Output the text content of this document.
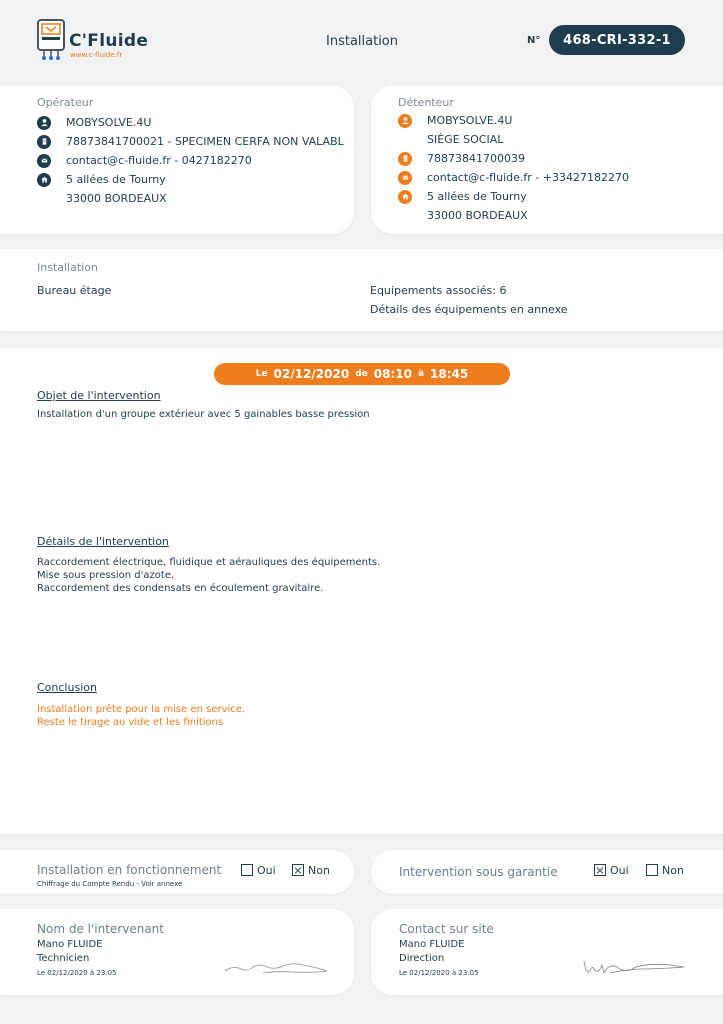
C'Fluide
www.c-fluide.fr
Installation	N° 468-CRI-332-1
Opérateur
MOBYSOLVE.4U
78873841700021 - SPECIMEN CERFA NON VALABL
contact@c-fluide.fr - 0427182270
5 allées de Tourny
33000 BORDEAUX
Détenteur
MOBYSOLVE.4U
SIÈGE SOCIAL
78873841700039
contact@c-fluide.fr - +33427182270
5 allées de Tourny
33000 BORDEAUX
Installation
Bureau étage	Equipements associés: 6
Détails des équipements en annexe
Le 02/12/2020 de 08:10 à 18:45
Objet de l'intervention
Installation d'un groupe extérieur avec 5 gainables basse pression
Détails de l'intervention
Raccordement électrique, fluidique et aérauliques des équipements.
Mise sous pression d'azote.
Raccordement des condensats en écoulement gravitaire.
Conclusion
Installation prête pour la mise en service.
Reste le tirage au vide et les finitions
Installation en fonctionnement
Chiffrage du Compte Rendu - Voir annexe
Oui	Non	Intervention sous garantie	Oui	Non
Nom de l'intervenant
Mano FLUIDE
Technicien
Le 02/12/2020 à 23:05
Contact sur site
Mano FLUIDE
Direction
Le 02/12/2020 à 23:05
